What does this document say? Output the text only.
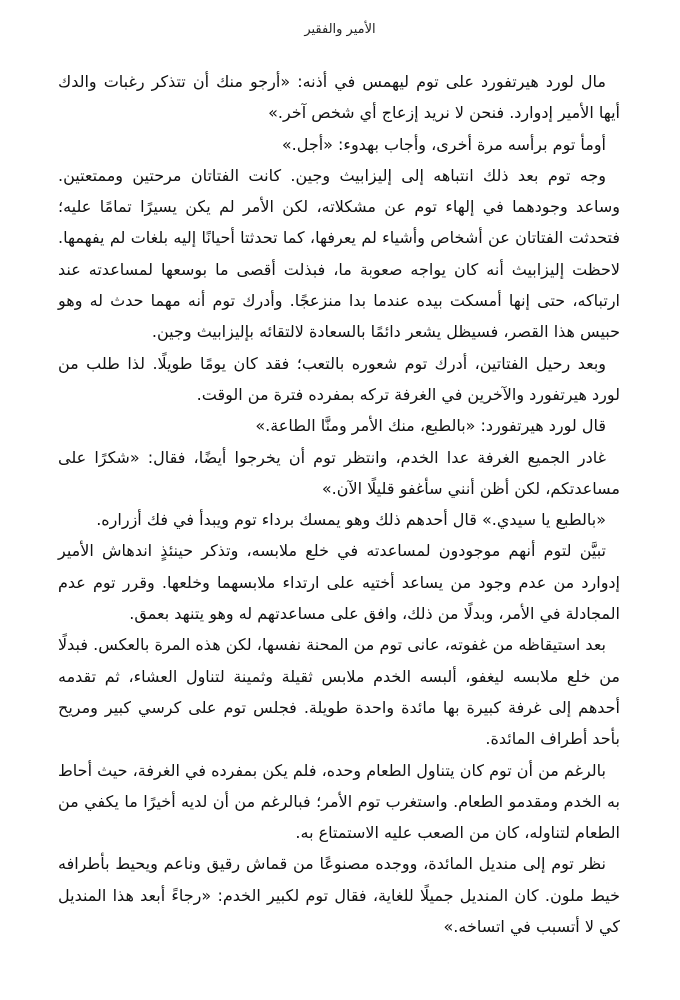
الأمير والفقير

مال لورد هيرتفورد على توم ليهمس في أذنه: «أرجو منك أن تتذكر رغبات والدك أيها الأمير إدوارد. فنحن لا نريد إزعاج أي شخص آخر.»

أومأ توم برأسه مرة أخرى، وأجاب بهدوء: «أجل.»

وجه توم بعد ذلك انتباهه إلى إليزابيث وجين. كانت الفتاتان مرحتين وممتعتين. وساعد وجودهما في إلهاء توم عن مشكلاته، لكن الأمر لم يكن يسيرًا تمامًا عليه؛ فتحدثت الفتاتان عن أشخاص وأشياء لم يعرفها، كما تحدثتا أحيانًا إليه بلغات لم يفهمها. لاحظت إليزابيث أنه كان يواجه صعوبة ما، فبذلت أقصى ما بوسعها لمساعدته عند ارتباكه، حتى إنها أمسكت بيده عندما بدا منزعجًا. وأدرك توم أنه مهما حدث له وهو حبيس هذا القصر، فسيظل يشعر دائمًا بالسعادة لالتقائه بإليزابيث وجين.

وبعد رحيل الفتاتين، أدرك توم شعوره بالتعب؛ فقد كان يومًا طويلًا. لذا طلب من لورد هيرتفورد والآخرين في الغرفة تركه بمفرده فترة من الوقت.

قال لورد هيرتفورد: «بالطبع، منك الأمر ومنَّا الطاعة.»

غادر الجميع الغرفة عدا الخدم، وانتظر توم أن يخرجوا أيضًا، فقال: «شكرًا على مساعدتكم، لكن أظن أنني سأغفو قليلًا الآن.»

«بالطبع يا سيدي.» قال أحدهم ذلك وهو يمسك برداء توم ويبدأ في فك أزراره.

تبيَّن لتوم أنهم موجودون لمساعدته في خلع ملابسه، وتذكر حينئذٍ اندهاش الأمير إدوارد من عدم وجود من يساعد أختيه على ارتداء ملابسهما وخلعها. وقرر توم عدم المجادلة في الأمر، وبدلًا من ذلك، وافق على مساعدتهم له وهو يتنهد بعمق.

بعد استيقاظه من غفوته، عانى توم من المحنة نفسها، لكن هذه المرة بالعكس. فبدلًا من خلع ملابسه ليغفو، ألبسه الخدم ملابس ثقيلة وثمينة لتناول العشاء، ثم تقدمه أحدهم إلى غرفة كبيرة بها مائدة واحدة طويلة. فجلس توم على كرسي كبير ومريح بأحد أطراف المائدة.

بالرغم من أن توم كان يتناول الطعام وحده، فلم يكن بمفرده في الغرفة، حيث أحاط به الخدم ومقدمو الطعام. واستغرب توم الأمر؛ فبالرغم من أن لديه أخيرًا ما يكفي من الطعام لتناوله، كان من الصعب عليه الاستمتاع به.

نظر توم إلى منديل المائدة، ووجده مصنوعًا من قماش رقيق وناعم ويحيط بأطرافه خيط ملون. كان المنديل جميلًا للغاية، فقال توم لكبير الخدم: «رجاءً أبعد هذا المنديل كي لا أتسبب في اتساخه.»
